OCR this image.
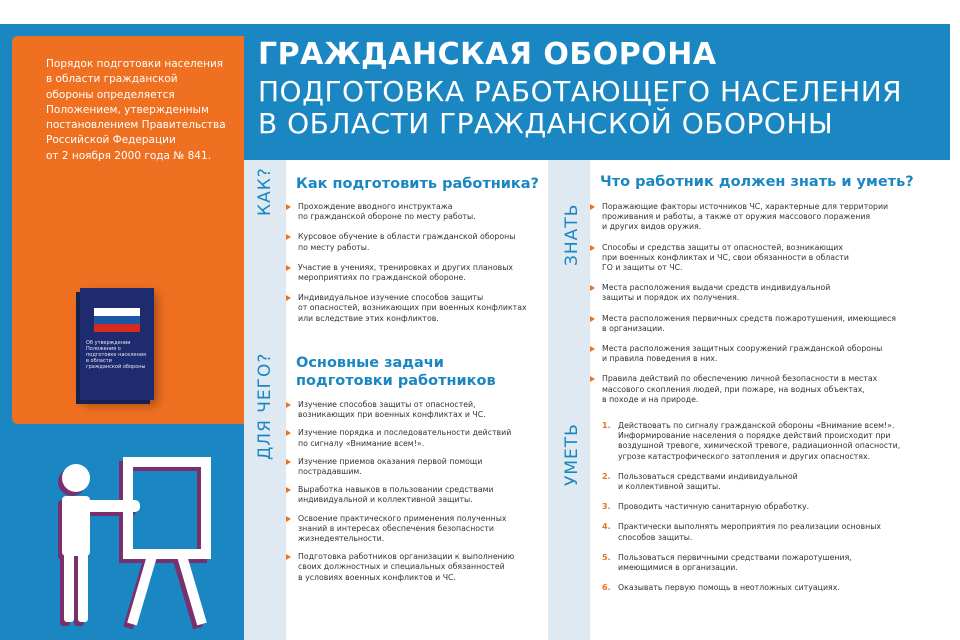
ГРАЖДАНСКАЯ ОБОРОНА
ПОДГОТОВКА РАБОТАЮЩЕГО НАСЕЛЕНИЯ
В ОБЛАСТИ ГРАЖДАНСКОЙ ОБОРОНЫ
Порядок подготовки населения
в области гражданской
обороны определяется
Положением, утвержденным
постановлением Правительства
Российской Федерации
от 2 ноября 2000 года № 841.
Об утверждении Положения о подготовке населения в области гражданской обороны
КАК?
ДЛЯ ЧЕГО?
ЗНАТЬ
УМЕТЬ
Как подготовить работника?
Прохождение вводного инструктажа
по гражданской обороне по месту работы.
Курсовое обучение в области гражданской обороны
по месту работы.
Участие в учениях, тренировках и других плановых
мероприятиях по гражданской обороне.
Индивидуальное изучение способов защиты
от опасностей, возникающих при военных конфликтах
или вследствие этих конфликтов.
Основные задачи
подготовки работников
Изучение способов защиты от опасностей,
возникающих при военных конфликтах и ЧС.
Изучение порядка и последовательности действий
по сигналу «Внимание всем!».
Изучение приемов оказания первой помощи
пострадавшим.
Выработка навыков в пользовании средствами
индивидуальной и коллективной защиты.
Освоение практического применения полученных
знаний в интересах обеспечения безопасности
жизнедеятельности.
Подготовка работников организации к выполнению
своих должностных и специальных обязанностей
в условиях военных конфликтов и ЧС.
Что работник должен знать и уметь?
Поражающие факторы источников ЧС, характерные для территории
проживания и работы, а также от оружия массового поражения
и других видов оружия.
Способы и средства защиты от опасностей, возникающих
при военных конфликтах и ЧС, свои обязанности в области
ГО и защиты от ЧС.
Места расположения выдачи средств индивидуальной
защиты и порядок их получения.
Места расположения первичных средств пожаротушения, имеющиеся
в организации.
Места расположения защитных сооружений гражданской обороны
и правила поведения в них.
Правила действий по обеспечению личной безопасности в местах
массового скопления людей, при пожаре, на водных объектах,
в походе и на природе.
1. Действовать по сигналу гражданской обороны «Внимание всем!».
Информирование населения о порядке действий происходит при
воздушной тревоге, химической тревоге, радиационной опасности,
угрозе катастрофического затопления и других опасностях.
2. Пользоваться средствами индивидуальной
и коллективной защиты.
3. Проводить частичную санитарную обработку.
4. Практически выполнять мероприятия по реализации основных
способов защиты.
5. Пользоваться первичными средствами пожаротушения,
имеющимися в организации.
6. Оказывать первую помощь в неотложных ситуациях.
